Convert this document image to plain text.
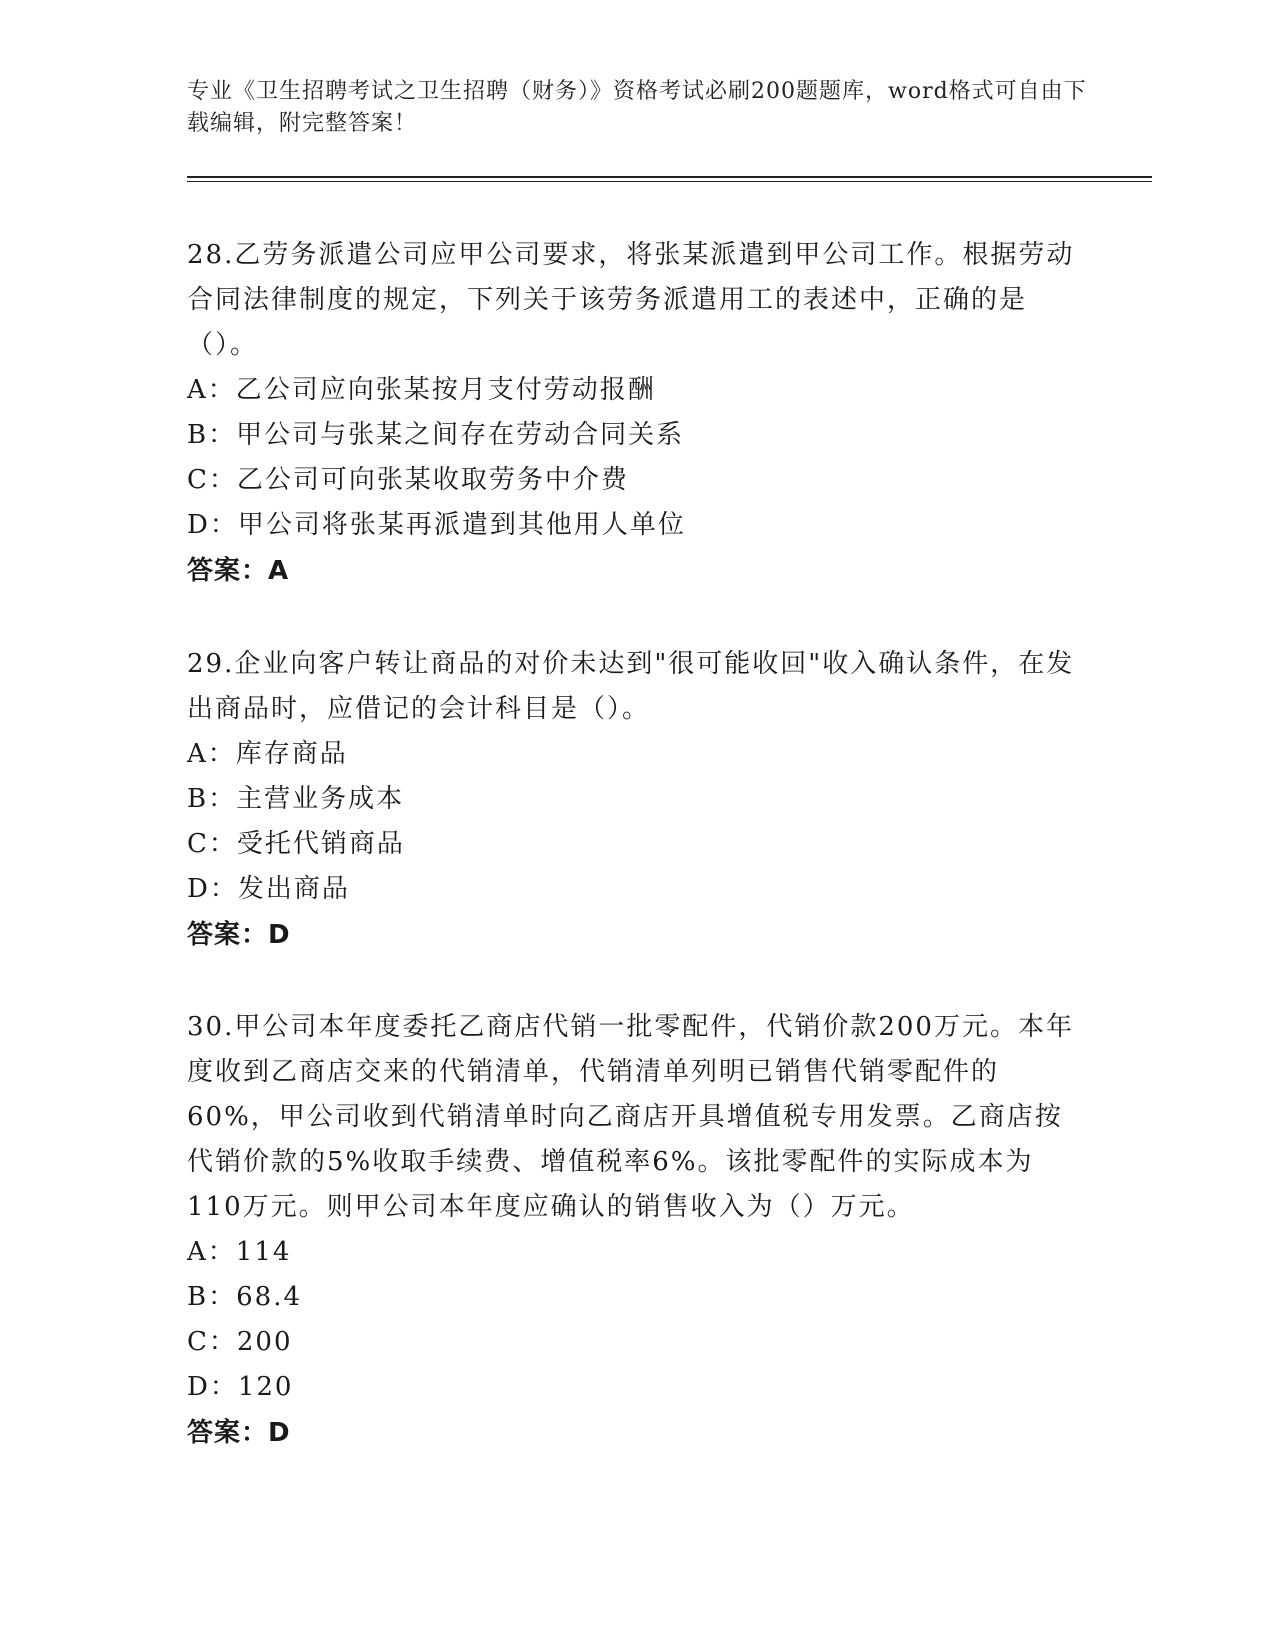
专业《卫生招聘考试之卫生招聘（财务）》资格考试必刷200题题库，word格式可自由下载编辑，附完整答案！

28.乙劳务派遣公司应甲公司要求，将张某派遣到甲公司工作。根据劳动合同法律制度的规定，下列关于该劳务派遣用工的表述中，正确的是（）。

A：乙公司应向张某按月支付劳动报酬

B：甲公司与张某之间存在劳动合同关系

C：乙公司可向张某收取劳务中介费

D：甲公司将张某再派遣到其他用人单位

答案：A

29.企业向客户转让商品的对价未达到"很可能收回"收入确认条件，在发出商品时，应借记的会计科目是（）。

A：库存商品

B：主营业务成本

C：受托代销商品

D：发出商品

答案：D

30.甲公司本年度委托乙商店代销一批零配件，代销价款200万元。本年度收到乙商店交来的代销清单，代销清单列明已销售代销零配件的60%，甲公司收到代销清单时向乙商店开具增值税专用发票。乙商店按代销价款的5%收取手续费、增值税率6%。该批零配件的实际成本为110万元。则甲公司本年度应确认的销售收入为（）万元。

A：114

B：68.4

C：200

D：120

答案：D
